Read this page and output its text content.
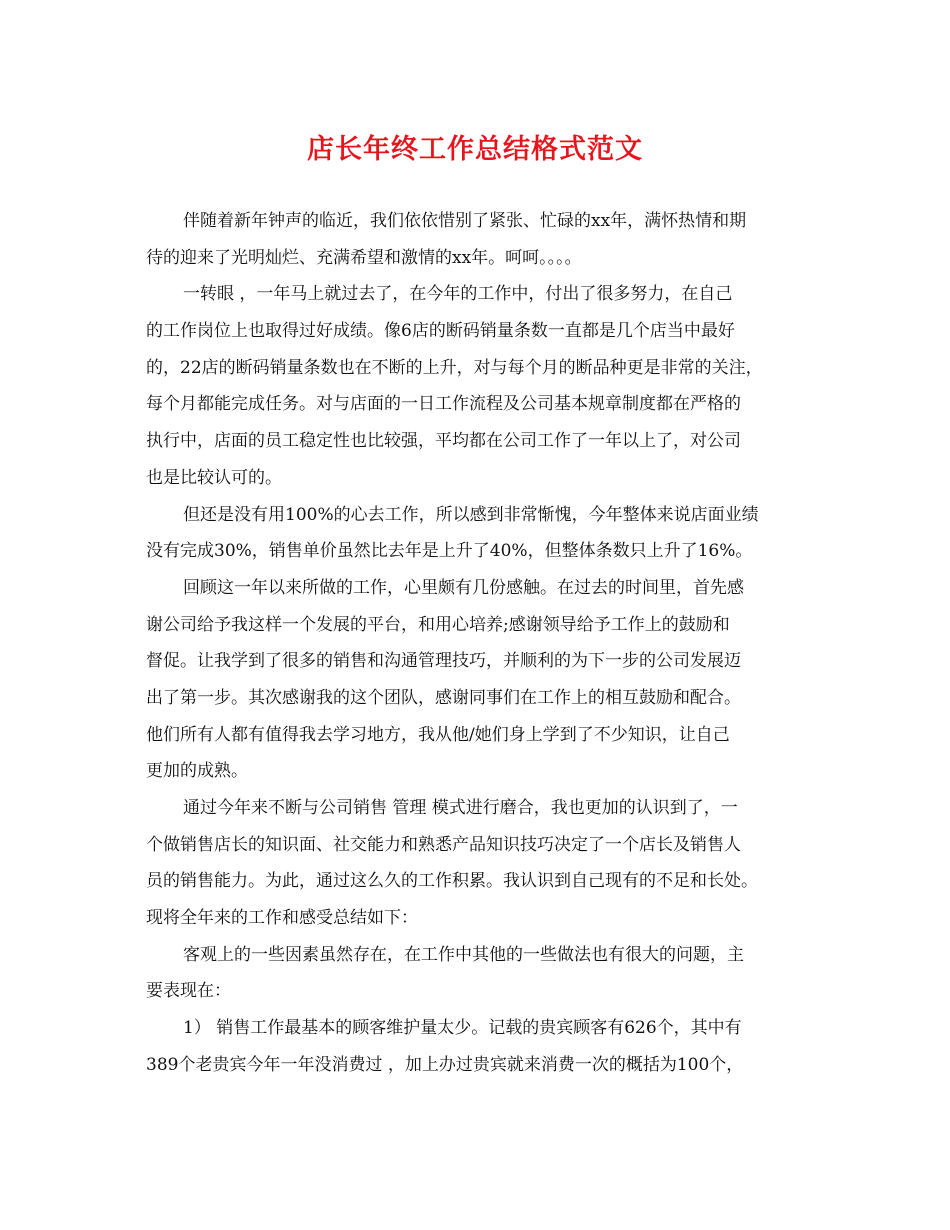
店长年终工作总结格式范文
伴随着新年钟声的临近，我们依依惜别了紧张、忙碌的xx年，满怀热情和期
待的迎来了光明灿烂、充满希望和激情的xx年。呵呵。。。。
一转眼 ，一年马上就过去了，在今年的工作中，付出了很多努力，在自己
的工作岗位上也取得过好成绩。像6店的断码销量条数一直都是几个店当中最好
的，22店的断码销量条数也在不断的上升，对与每个月的断品种更是非常的关注，
每个月都能完成任务。对与店面的一日工作流程及公司基本规章制度都在严格的
执行中，店面的员工稳定性也比较强，平均都在公司工作了一年以上了，对公司
也是比较认可的。
但还是没有用100%的心去工作，所以感到非常惭愧，今年整体来说店面业绩
没有完成30%，销售单价虽然比去年是上升了40%，但整体条数只上升了16%。
回顾这一年以来所做的工作，心里颇有几份感触。在过去的时间里，首先感
谢公司给予我这样一个发展的平台，和用心培养;感谢领导给予工作上的鼓励和
督促。让我学到了很多的销售和沟通管理技巧，并顺利的为下一步的公司发展迈
出了第一步。其次感谢我的这个团队，感谢同事们在工作上的相互鼓励和配合。
他们所有人都有值得我去学习地方，我从他/她们身上学到了不少知识，让自己
更加的成熟。
通过今年来不断与公司销售 管理 模式进行磨合，我也更加的认识到了，一
个做销售店长的知识面、社交能力和熟悉产品知识技巧决定了一个店长及销售人
员的销售能力。为此，通过这么久的工作积累。我认识到自己现有的不足和长处。
现将全年来的工作和感受总结如下：
客观上的一些因素虽然存在，在工作中其他的一些做法也有很大的问题，主
要表现在：
1） 销售工作最基本的顾客维护量太少。记载的贵宾顾客有626个，其中有
389个老贵宾今年一年没消费过 ，加上办过贵宾就来消费一次的概括为100个，
